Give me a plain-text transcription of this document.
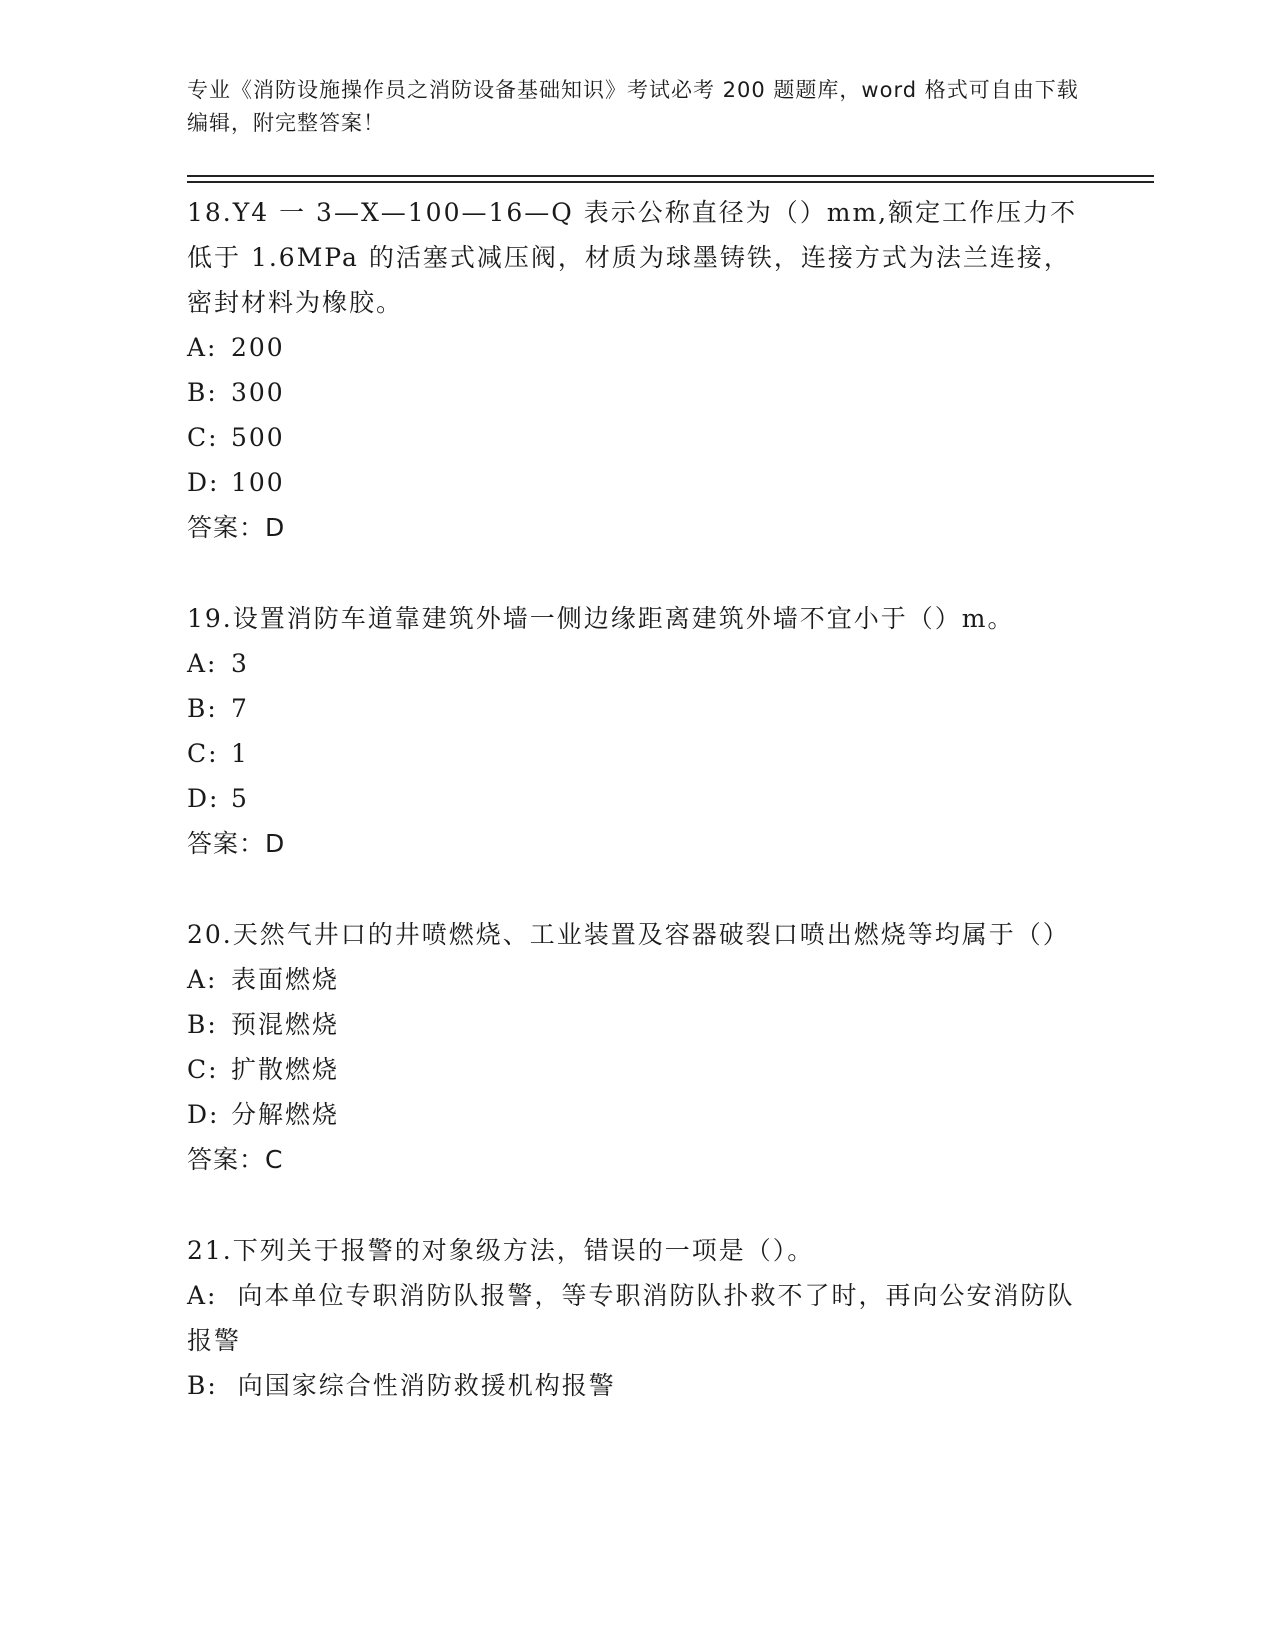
专业《消防设施操作员之消防设备基础知识》考试必考 200 题题库，word 格式可自由下载编辑，附完整答案！
18.Y4 一 3—X—100—16—Q 表示公称直径为（）mm,额定工作压力不低于 1.6MPa 的活塞式减压阀，材质为球墨铸铁，连接方式为法兰连接，密封材料为橡胶。
A: 200
B: 300
C: 500
D: 100
答案：D
19.设置消防车道靠建筑外墙一侧边缘距离建筑外墙不宜小于（）m。
A: 3
B: 7
C: 1
D: 5
答案：D
20.天然气井口的井喷燃烧、工业装置及容器破裂口喷出燃烧等均属于（）
A: 表面燃烧
B: 预混燃烧
C: 扩散燃烧
D: 分解燃烧
答案：C
21.下列关于报警的对象级方法，错误的一项是（）。
A: 向本单位专职消防队报警，等专职消防队扑救不了时，再向公安消防队报警
B: 向国家综合性消防救援机构报警
